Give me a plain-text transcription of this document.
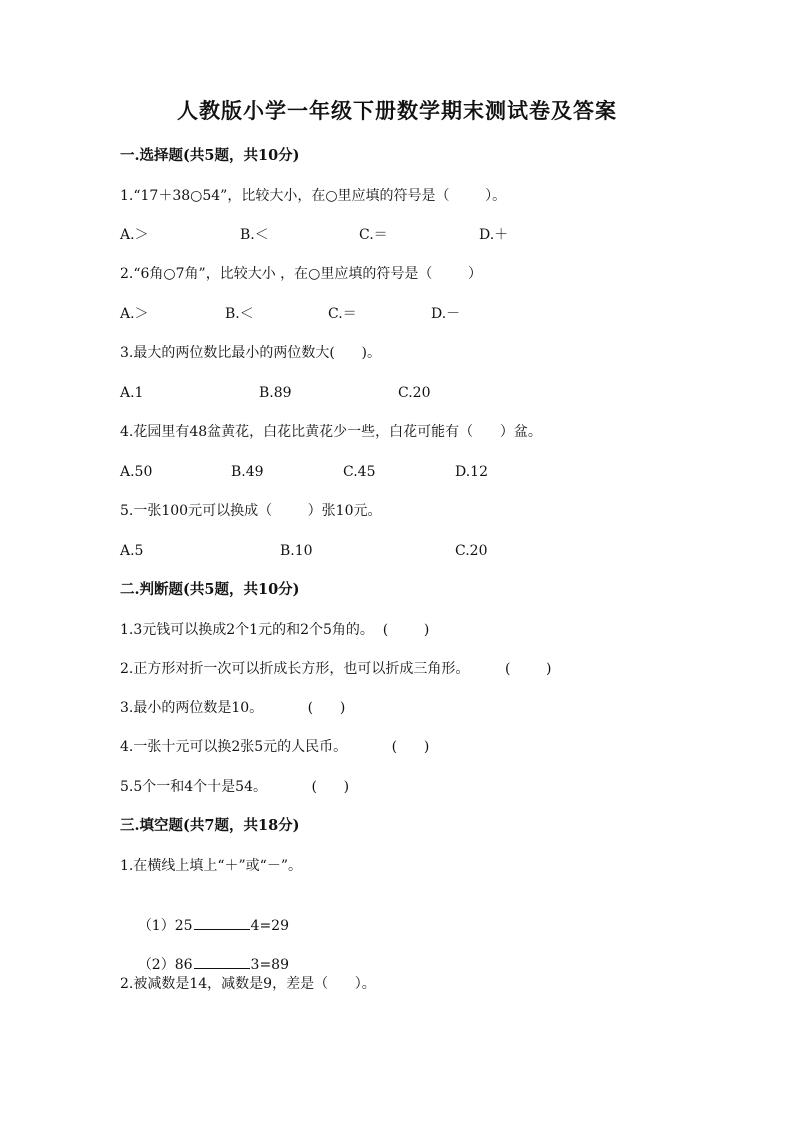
人教版小学一年级下册数学期末测试卷及答案
一.选择题(共5题，共10分)
1.“17＋38○54”，比较大小，在○里应填的符号是（        ）。
A.＞	B.＜	C.＝	D.＋
2.“6角○7角”，比较大小 ，在○里应填的符号是（        ）
A.＞	B.＜	C.＝	D.－
3.最大的两位数比最小的两位数大(      )。
A.1	B.89	C.20
4.花园里有48盆黄花，白花比黄花少一些，白花可能有（      ）盆。
A.50	B.49	C.45	D.12
5.一张100元可以换成（        ）张10元。
A.5	B.10	C.20
二.判断题(共5题，共10分)
1.3元钱可以换成2个1元的和2个5角的。  (        )
2.正方形对折一次可以折成长方形，也可以折成三角形。        (        )
3.最小的两位数是10。          (      )
4.一张十元可以换2张5元的人民币。          (      )
5.5个一和4个十是54。          (      )
三.填空题(共7题，共18分)
1.在横线上填上“＋”或“－”。

（1）25	4=29

（2）86	3=89

2.被减数是14，减数是9，差是（      ）。
